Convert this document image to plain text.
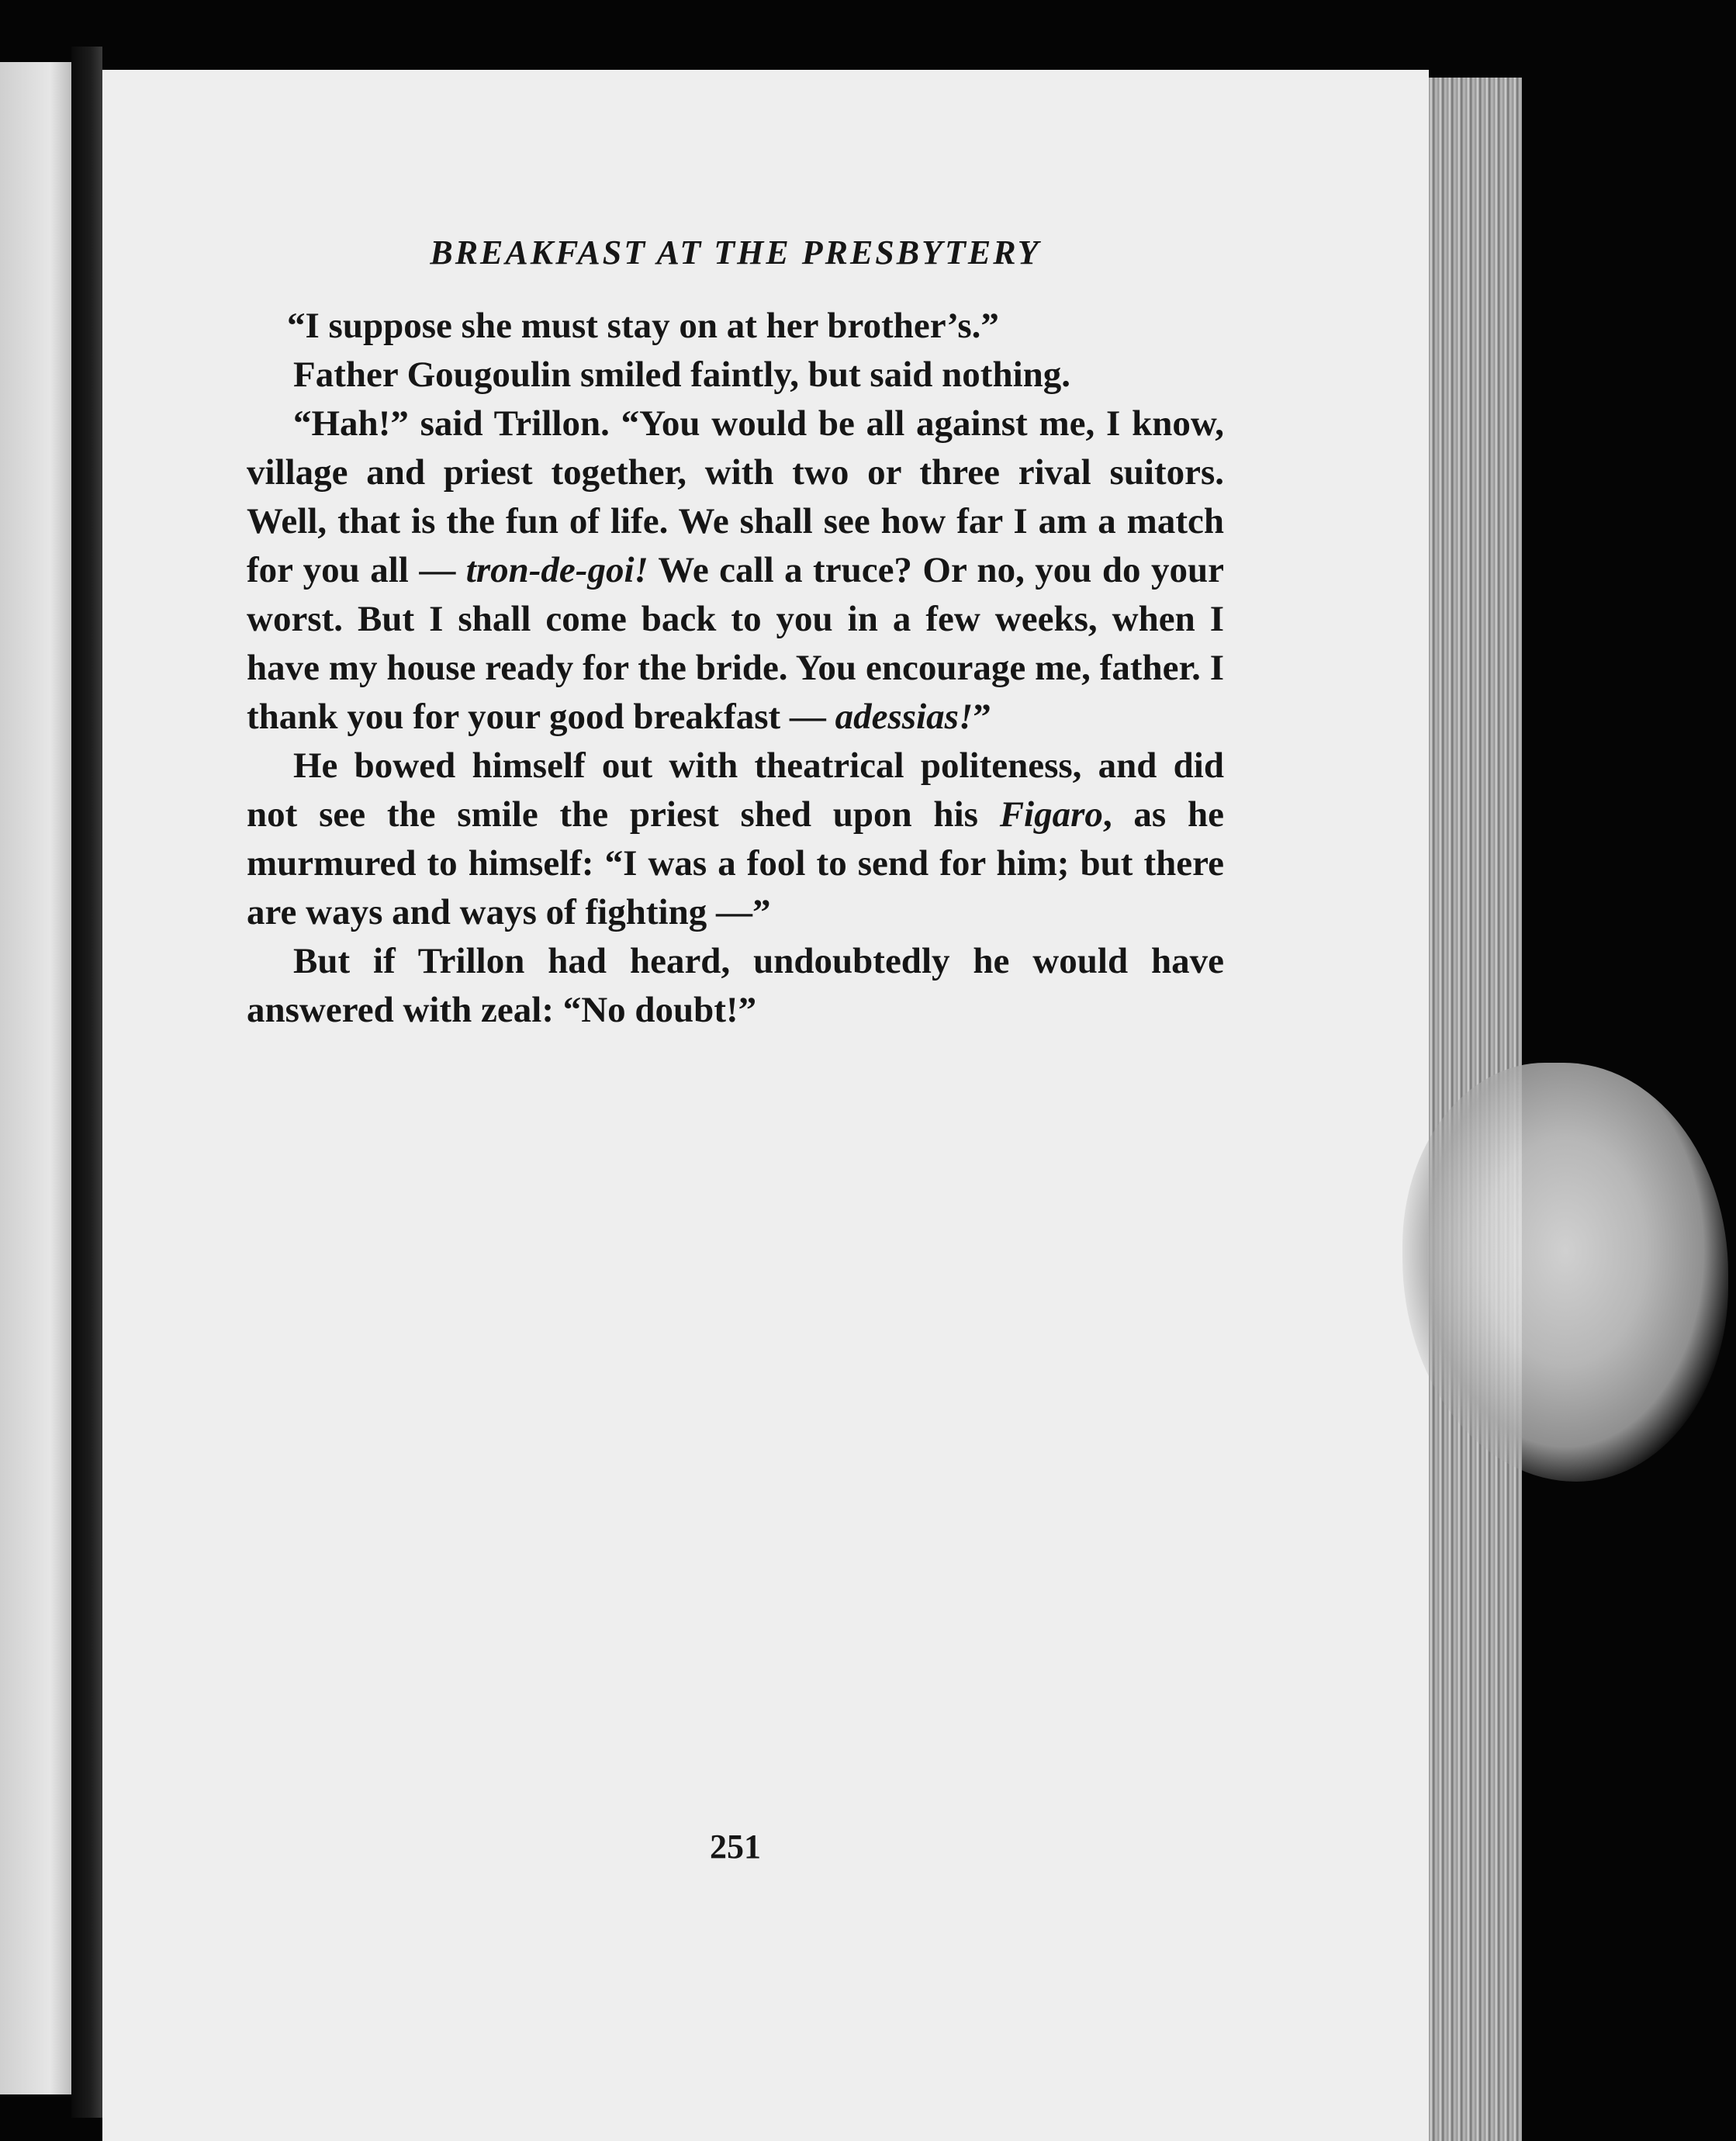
BREAKFAST AT THE PRESBYTERY

“I suppose she must stay on at her brother’s.”

Father Gougoulin smiled faintly, but said nothing.

“Hah!” said Trillon. “You would be all against me, I know, village and priest together, with two or three rival suitors. Well, that is the fun of life. We shall see how far I am a match for you all — tron-de-goi! We call a truce? Or no, you do your worst. But I shall come back to you in a few weeks, when I have my house ready for the bride. You encourage me, father. I thank you for your good breakfast — adessias!”

He bowed himself out with theatrical politeness, and did not see the smile the priest shed upon his Figaro, as he murmured to himself: “I was a fool to send for him; but there are ways and ways of fighting —”

But if Trillon had heard, undoubtedly he would have answered with zeal: “No doubt!”

251
